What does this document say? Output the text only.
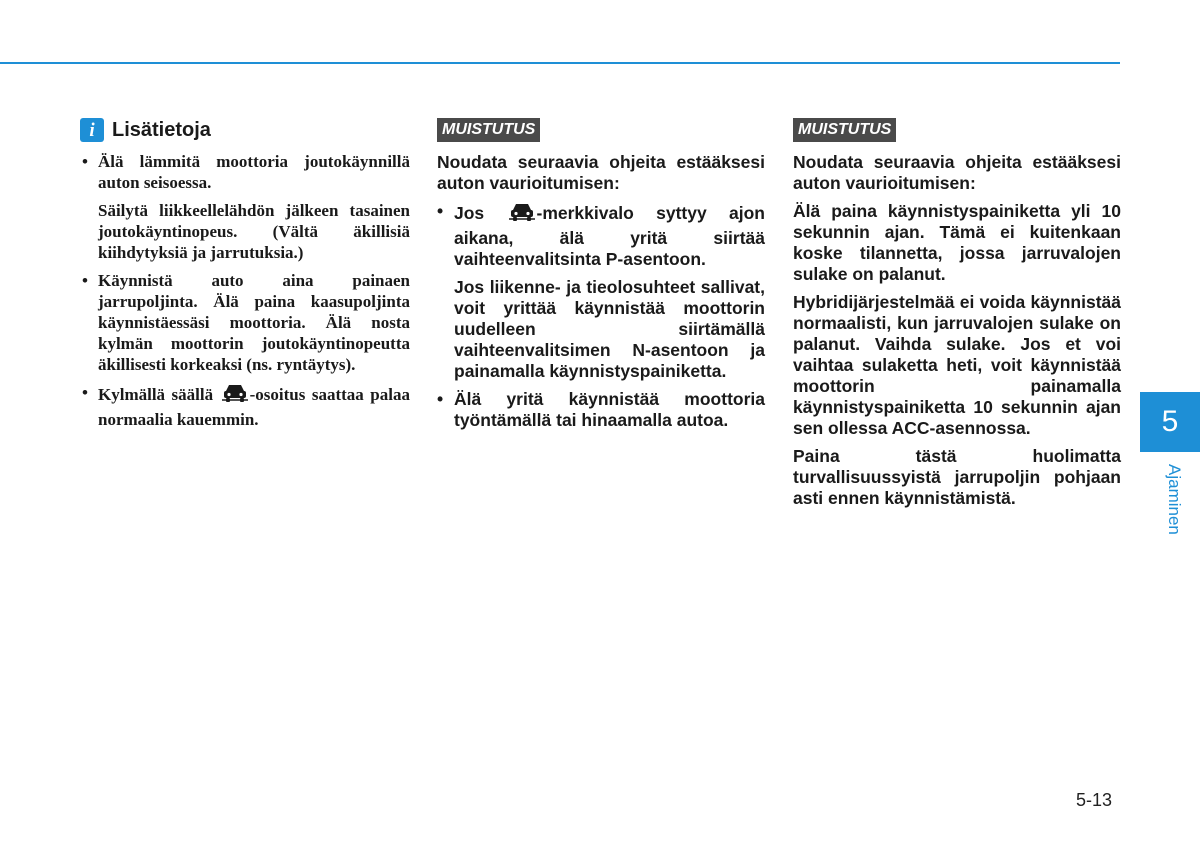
i Lisätietoja

• Älä lämmitä moottoria joutokäynnillä auton seisoessa.

Säilytä liikkeellelähdön jälkeen tasainen joutokäyntinopeus. (Vältä äkillisiä kiihdytyksiä ja jarrutuksia.)

• Käynnistä auto aina painaen jarrupoljinta. Älä paina kaasupoljinta käynnistäessäsi moottoria. Älä nosta kylmän moottorin joutokäyntinopeutta äkillisesti korkeaksi (ns. ryntäytys).

• Kylmällä säällä -osoitus saattaa palaa normaalia kauemmin.

MUISTUTUS

Noudata seuraavia ohjeita estääksesi auton vaurioitumisen:

• Jos -merkkivalo syttyy ajon aikana, älä yritä siirtää vaihteenvalitsinta P-asentoon.

Jos liikenne- ja tieolosuhteet sallivat, voit yrittää käynnistää moottorin uudelleen siirtämällä vaihteenvalitsimen N-asentoon ja painamalla käynnistyspainiketta.

• Älä yritä käynnistää moottoria työntämällä tai hinaamalla autoa.

MUISTUTUS

Noudata seuraavia ohjeita estääksesi auton vaurioitumisen:

Älä paina käynnistyspainiketta yli 10 sekunnin ajan. Tämä ei kuitenkaan koske tilannetta, jossa jarruvalojen sulake on palanut.

Hybridijärjestelmää ei voida käynnistää normaalisti, kun jarruvalojen sulake on palanut. Vaihda sulake. Jos et voi vaihtaa sulaketta heti, voit käynnistää moottorin painamalla käynnistyspainiketta 10 sekunnin ajan sen ollessa ACC-asennossa.

Paina tästä huolimatta turvallisuussyistä jarrupoljin pohjaan asti ennen käynnistämistä.

5
Ajaminen
5-13
